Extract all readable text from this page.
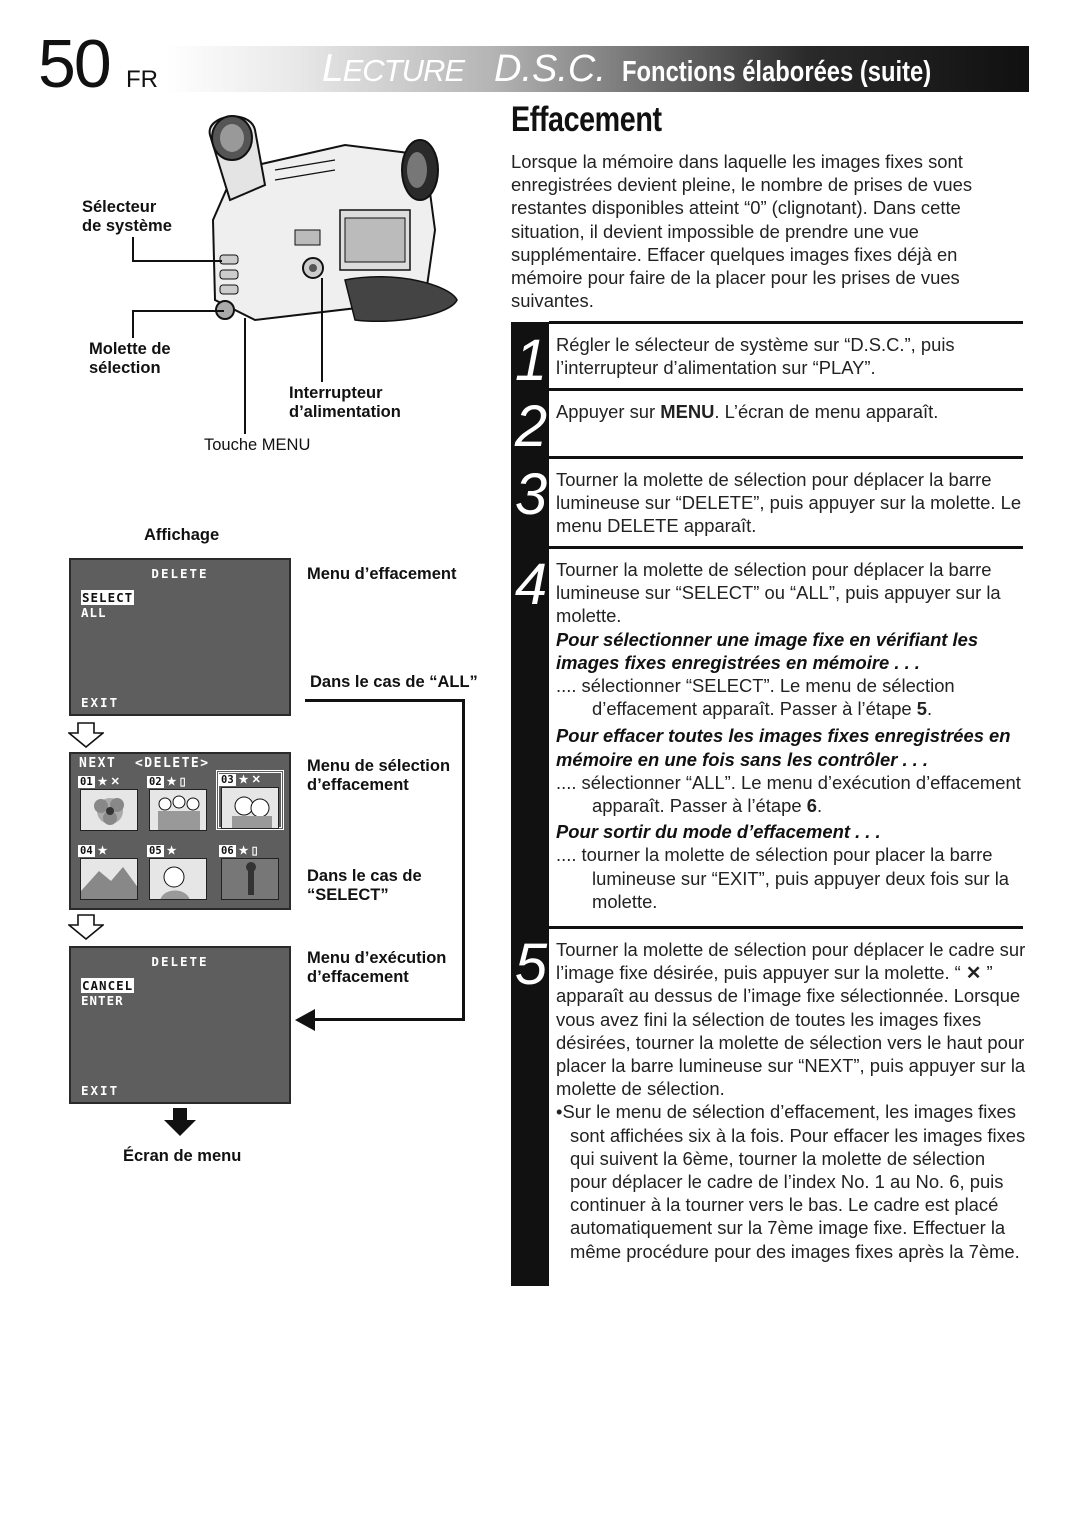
50 FR	LECTURE D.S.C. Fonctions élaborées (suite)
Sélecteur
de système
Molette de
sélection
Interrupteur
d’alimentation
Touche MENU
Affichage
DELETE
SELECT
ALL
EXIT
Menu d’effacement
Dans le cas de “ALL”
NEXT  <DELETE>
01 ★ ✕	02 ★ ▯	03 ★ ✕
04 ★	05 ★	06 ★ ▯
Menu de sélection
d’effacement
Dans le cas de
“SELECT”
DELETE
CANCEL
ENTER
EXIT
Menu d’exécution
d’effacement
Écran de menu
Effacement
Lorsque la mémoire dans laquelle les images fixes sont enregistrées devient pleine, le nombre de prises de vues restantes disponibles atteint “0” (clignotant). Dans cette situation, il devient impossible de prendre une vue supplémentaire. Effacer quelques images fixes déjà en mémoire pour faire de la placer pour les prises de vues suivantes.
1 Régler le sélecteur de système sur “D.S.C.”, puis l’interrupteur d’alimentation sur “PLAY”.
2 Appuyer sur MENU. L’écran de menu apparaît.
3 Tourner la molette de sélection pour déplacer la barre lumineuse sur “DELETE”, puis appuyer sur la molette. Le menu DELETE apparaît.
4 Tourner la molette de sélection pour déplacer la barre lumineuse sur “SELECT” ou “ALL”, puis appuyer sur la molette.
Pour sélectionner une image fixe en vérifiant les images fixes enregistrées en mémoire . . .
.... sélectionner “SELECT”. Le menu de sélection d’effacement apparaît. Passer à l’étape 5.
Pour effacer toutes les images fixes enregistrées en mémoire en une fois sans les contrôler . . .
.... sélectionner “ALL”. Le menu d’exécution d’effacement apparaît. Passer à l’étape 6.
Pour sortir du mode d’effacement . . .
.... tourner la molette de sélection pour placer la barre lumineuse sur “EXIT”, puis appuyer deux fois sur la molette.
5 Tourner la molette de sélection pour déplacer le cadre sur l’image fixe désirée, puis appuyer sur la molette. “ ✕ ” apparaît au dessus de l’image fixe sélectionnée. Lorsque vous avez fini la sélection de toutes les images fixes désirées, tourner la molette de sélection vers le haut pour placer la barre lumineuse sur “NEXT”, puis appuyer sur la molette de sélection.
•Sur le menu de sélection d’effacement, les images fixes sont affichées six à la fois. Pour effacer les images fixes qui suivent la 6ème, tourner la molette de sélection pour déplacer le cadre de l’index No. 1 au No. 6, puis continuer à la tourner vers le bas. Le cadre est placé automatiquement sur la 7ème image fixe. Effectuer la même procédure pour des images fixes après la 7ème.
